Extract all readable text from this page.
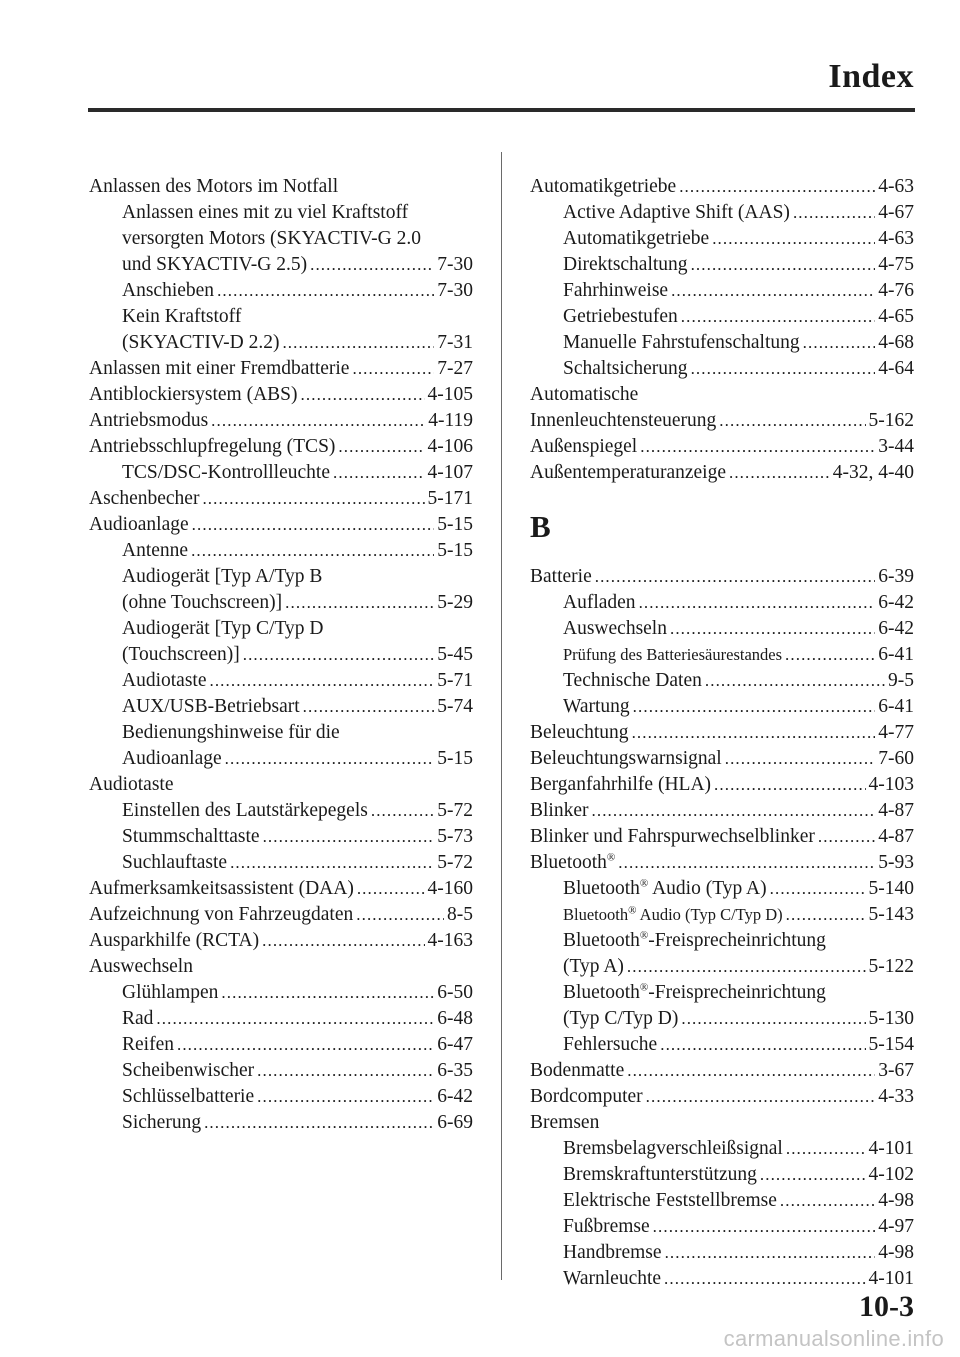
Index
Anlassen des Motors im Notfall
Anlassen eines mit zu viel Kraftstoff
versorgten Motors (SKYACTIV-G 2.0
und SKYACTIV-G 2.5) .....	7-30
Anschieben .....	7-30
Kein Kraftstoff
(SKYACTIV-D 2.2) .....	7-31
Anlassen mit einer Fremdbatterie .....	7-27
Antiblockiersystem (ABS) .....	4-105
Antriebsmodus .....	4-119
Antriebsschlupfregelung (TCS) .....	4-106
TCS/DSC-Kontrollleuchte .....	4-107
Aschenbecher .....	5-171
Audioanlage .....	5-15
Antenne .....	5-15
Audiogerät [Typ A/Typ B
(ohne Touchscreen)] .....	5-29
Audiogerät [Typ C/Typ D
(Touchscreen)] .....	5-45
Audiotaste .....	5-71
AUX/USB-Betriebsart .....	5-74
Bedienungshinweise für die
Audioanlage .....	5-15
Audiotaste
Einstellen des Lautstärkepegels .....	5-72
Stummschalttaste .....	5-73
Suchlauftaste .....	5-72
Aufmerksamkeitsassistent (DAA) .....	4-160
Aufzeichnung von Fahrzeugdaten .....	8-5
Ausparkhilfe (RCTA) .....	4-163
Auswechseln
Glühlampen .....	6-50
Rad .....	6-48
Reifen .....	6-47
Scheibenwischer .....	6-35
Schlüsselbatterie .....	6-42
Sicherung .....	6-69
Automatikgetriebe .....	4-63
Active Adaptive Shift (AAS) .....	4-67
Automatikgetriebe .....	4-63
Direktschaltung .....	4-75
Fahrhinweise .....	4-76
Getriebestufen .....	4-65
Manuelle Fahrstufenschaltung .....	4-68
Schaltsicherung .....	4-64
Automatische
Innenleuchtensteuerung .....	5-162
Außenspiegel .....	3-44
Außentemperaturanzeige .....	4-32, 4-40
B
Batterie .....	6-39
Aufladen .....	6-42
Auswechseln .....	6-42
Prüfung des Batteriesäurestandes .....	6-41
Technische Daten .....	9-5
Wartung .....	6-41
Beleuchtung .....	4-77
Beleuchtungswarnsignal .....	7-60
Berganfahrhilfe (HLA) .....	4-103
Blinker .....	4-87
Blinker und Fahrspurwechselblinker .....	4-87
Bluetooth® .....	5-93
Bluetooth® Audio (Typ A) .....	5-140
Bluetooth® Audio (Typ C/Typ D) .....	5-143
Bluetooth®-Freisprecheinrichtung
(Typ A) .....	5-122
Bluetooth®-Freisprecheinrichtung
(Typ C/Typ D) .....	5-130
Fehlersuche .....	5-154
Bodenmatte .....	3-67
Bordcomputer .....	4-33
Bremsen
Bremsbelagverschleißsignal .....	4-101
Bremskraftunterstützung .....	4-102
Elektrische Feststellbremse .....	4-98
Fußbremse .....	4-97
Handbremse .....	4-98
Warnleuchte .....	4-101
10-3
carmanualsonline.info
